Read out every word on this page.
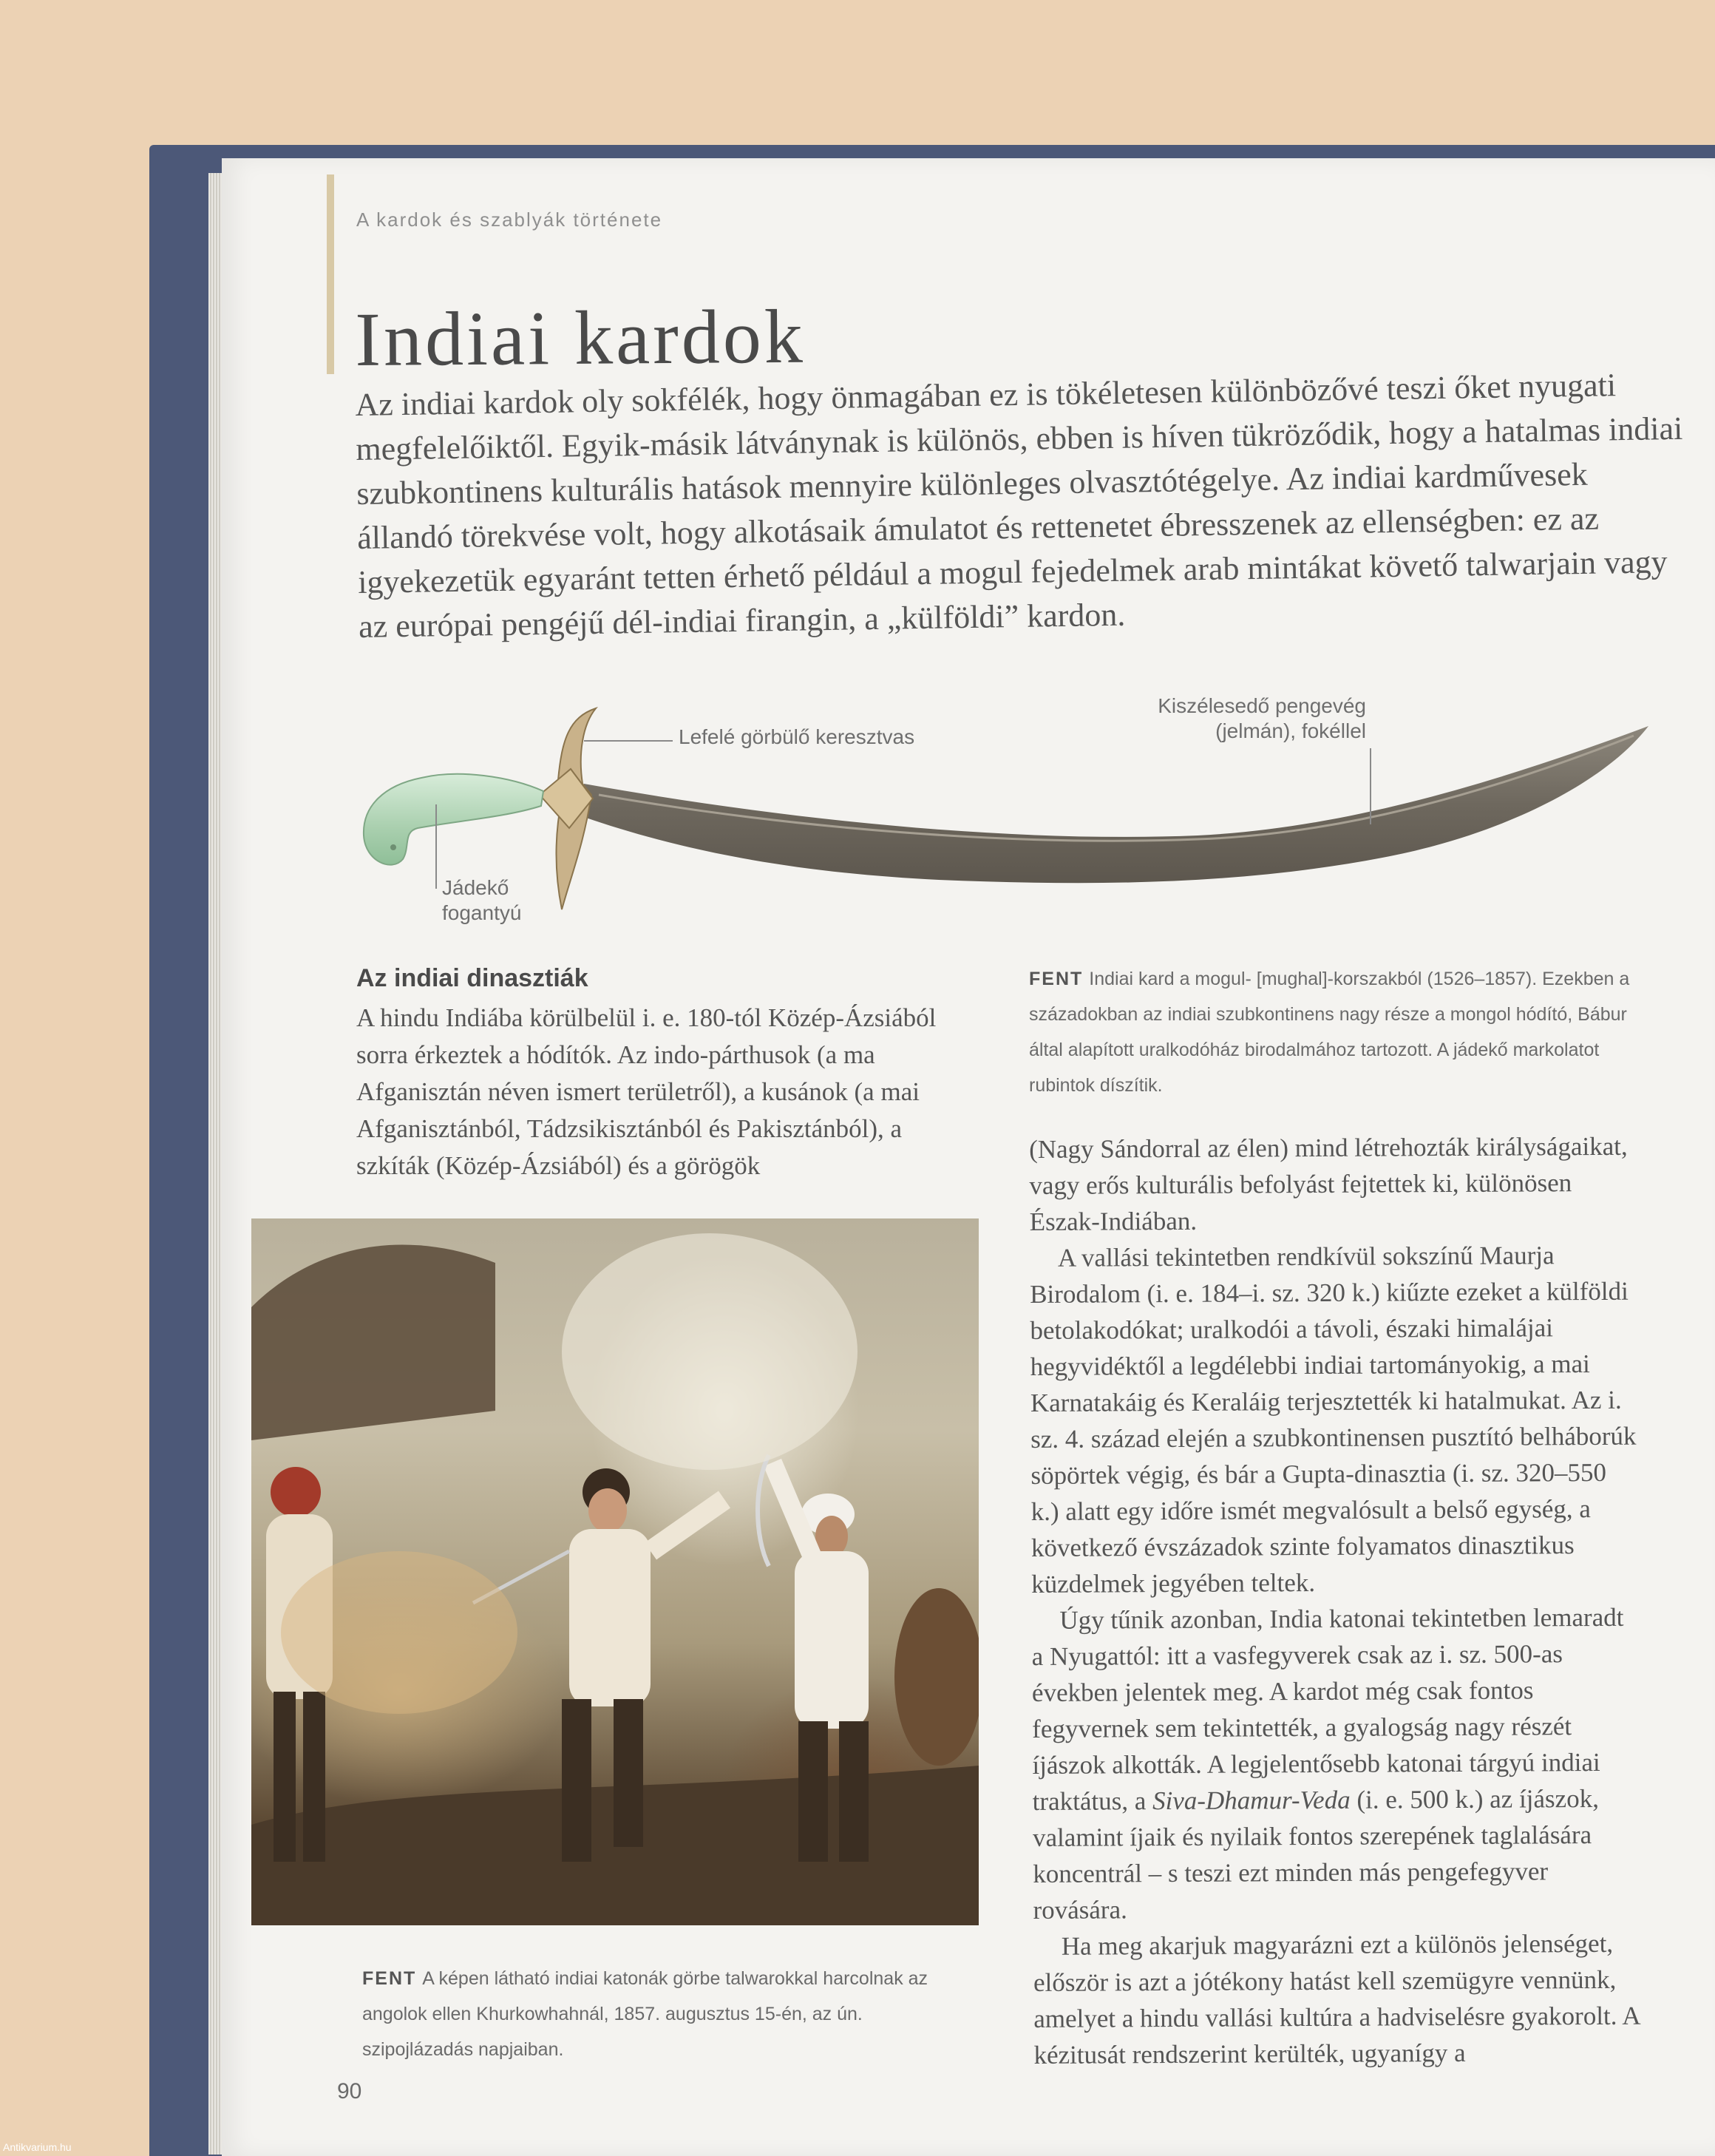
A kardok és szablyák története
Indiai kardok

Az indiai kardok oly sokfélék, hogy önmagában ez is tökéletesen különbözővé teszi őket nyugati megfelelőiktől. Egyik-másik látványnak is különös, ebben is híven tükröződik, hogy a hatalmas indiai szubkontinens kulturális hatások mennyire különleges olvasztótégelye. Az indiai kardművesek állandó törekvése volt, hogy alkotásaik ámulatot és rettenetet ébresszenek az ellenségben: ez az igyekezetük egyaránt tetten érhető például a mogul fejedelmek arab mintákat követő talwarjain vagy az európai pengéjű dél-indiai firangin, a „külföldi” kardon.

Lefelé görbülő keresztvas
Kiszélesedő pengevég
(jelmán), fokéllel
Jádekő
fogantyú
Az indiai dinasztiák

A hindu Indiába körülbelül i. e. 180-tól Közép-Ázsiából sorra érkeztek a hódítók. Az indo-párthusok (a ma Afganisztán néven ismert területről), a kusánok (a mai Afganisztánból, Tádzsikisztánból és Pakisztánból), a szkíták (Közép-Ázsiából) és a görögök

FENT Indiai kard a mogul- [mughal]-korszakból (1526–1857). Ezekben a századokban az indiai szubkontinens nagy része a mongol hódító, Bábur által alapított uralkodóház birodalmához tartozott. A jádekő markolatot rubintok díszítik.

(Nagy Sándorral az élen) mind létrehozták királyságaikat, vagy erős kulturális befolyást fejtettek ki, különösen Észak-Indiában.

A vallási tekintetben rendkívül sokszínű Maurja Birodalom (i. e. 184–i. sz. 320 k.) kiűzte ezeket a külföldi betolakodókat; uralkodói a távoli, északi himalájai hegyvidéktől a legdélebbi indiai tartományokig, a mai Karnatakáig és Keraláig terjesztették ki hatalmukat. Az i. sz. 4. század elején a szubkontinensen pusztító belháborúk söpörtek végig, és bár a Gupta-dinasztia (i. sz. 320–550 k.) alatt egy időre ismét megvalósult a belső egység, a következő évszázadok szinte folyamatos dinasztikus küzdelmek jegyében teltek.

Úgy tűnik azonban, India katonai tekintetben lemaradt a Nyugattól: itt a vasfegyverek csak az i. sz. 500-as években jelentek meg. A kardot még csak fontos fegyvernek sem tekintették, a gyalogság nagy részét íjászok alkották. A legjelentősebb katonai tárgyú indiai traktátus, a Siva-Dhamur-Veda (i. e. 500 k.) az íjászok, valamint íjaik és nyilaik fontos szerepének taglalására koncentrál – s teszi ezt minden más pengefegyver rovására.

Ha meg akarjuk magyarázni ezt a különös jelenséget, először is azt a jótékony hatást kell szemügyre vennünk, amelyet a hindu vallási kultúra a hadviselésre gyakorolt. A kézitusát rendszerint kerülték, ugyanígy a

FENT A képen látható indiai katonák görbe talwarokkal harcolnak az angolok ellen Khurkowhahnál, 1857. augusztus 15-én, az ún. szipojlázadás napjaiban.
90
Antikvarium.hu
